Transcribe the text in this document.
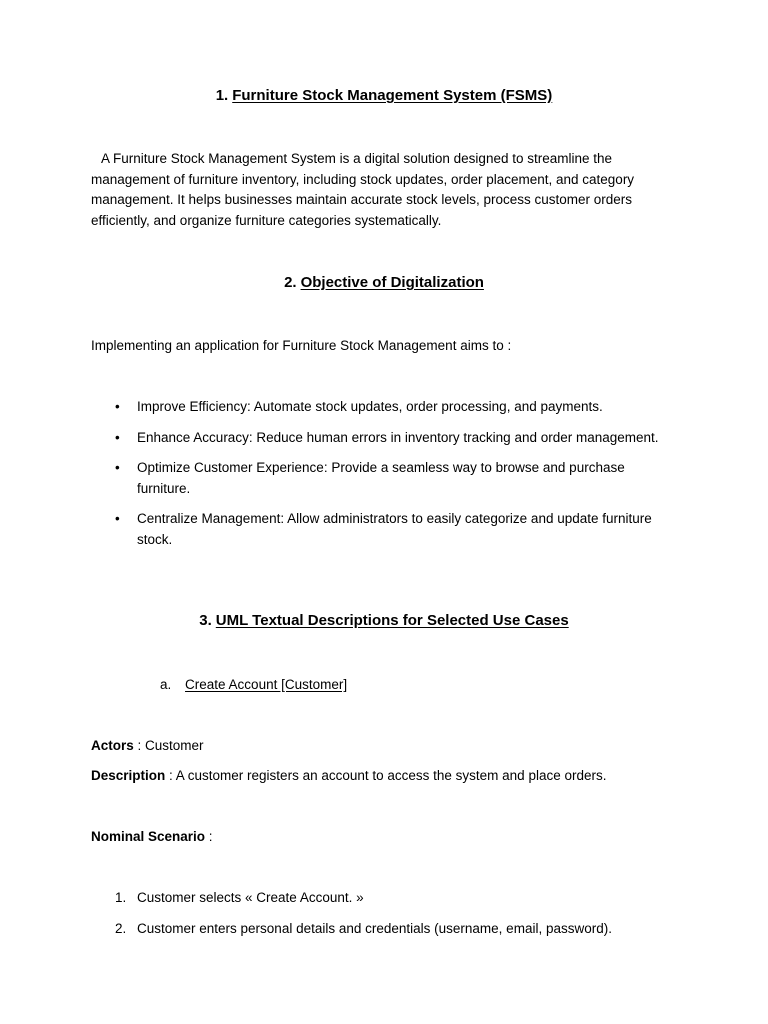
1. Furniture Stock Management System (FSMS)
A Furniture Stock Management System is a digital solution designed to streamline the management of furniture inventory, including stock updates, order placement, and category management. It helps businesses maintain accurate stock levels, process customer orders efficiently, and organize furniture categories systematically.
2. Objective of Digitalization
Implementing an application for Furniture Stock Management aims to :
• Improve Efficiency: Automate stock updates, order processing, and payments.
• Enhance Accuracy: Reduce human errors in inventory tracking and order management.
• Optimize Customer Experience: Provide a seamless way to browse and purchase furniture.
• Centralize Management: Allow administrators to easily categorize and update furniture stock.
3. UML Textual Descriptions for Selected Use Cases
a. Create Account [Customer]
Actors : Customer
Description : A customer registers an account to access the system and place orders.
Nominal Scenario :
1. Customer selects « Create Account. »
2. Customer enters personal details and credentials (username, email, password).
